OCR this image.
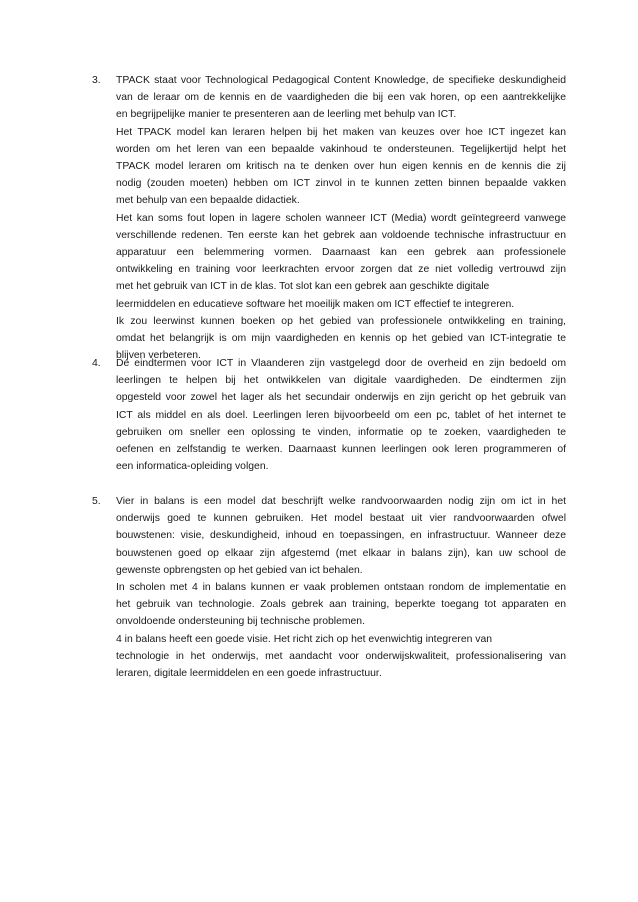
3. TPACK staat voor Technological Pedagogical Content Knowledge, de specifieke deskundigheid
van de leraar om de kennis en de vaardigheden die bij een vak horen, op een aantrekkelijke
en begrijpelijke manier te presenteren aan de leerling met behulp van ICT.
Het TPACK model kan leraren helpen bij het maken van keuzes over hoe ICT ingezet kan
worden om het leren van een bepaalde vakinhoud te ondersteunen. Tegelijkertijd helpt het
TPACK model leraren om kritisch na te denken over hun eigen kennis en de kennis die zij
nodig (zouden moeten) hebben om ICT zinvol in te kunnen zetten binnen bepaalde vakken
met behulp van een bepaalde didactiek.
Het kan soms fout lopen in lagere scholen wanneer ICT (Media) wordt geïntegreerd vanwege
verschillende redenen. Ten eerste kan het gebrek aan voldoende technische infrastructuur en
apparatuur een belemmering vormen. Daarnaast kan een gebrek aan professionele
ontwikkeling en training voor leerkrachten ervoor zorgen dat ze niet volledig vertrouwd zijn
met het gebruik van ICT in de klas. Tot slot kan een gebrek aan geschikte digitale
leermiddelen en educatieve software het moeilijk maken om ICT effectief te integreren.
Ik zou leerwinst kunnen boeken op het gebied van professionele ontwikkeling en training,
omdat het belangrijk is om mijn vaardigheden en kennis op het gebied van ICT-integratie te
blijven verbeteren.
4. De eindtermen voor ICT in Vlaanderen zijn vastgelegd door de overheid en zijn bedoeld om
leerlingen te helpen bij het ontwikkelen van digitale vaardigheden. De eindtermen zijn
opgesteld voor zowel het lager als het secundair onderwijs en zijn gericht op het gebruik van
ICT als middel en als doel. Leerlingen leren bijvoorbeeld om een pc, tablet of het internet te
gebruiken om sneller een oplossing te vinden, informatie op te zoeken, vaardigheden te
oefenen en zelfstandig te werken. Daarnaast kunnen leerlingen ook leren programmeren of
een informatica-opleiding volgen.
5. Vier in balans is een model dat beschrijft welke randvoorwaarden nodig zijn om ict in het
onderwijs goed te kunnen gebruiken. Het model bestaat uit vier randvoorwaarden ofwel
bouwstenen: visie, deskundigheid, inhoud en toepassingen, en infrastructuur. Wanneer deze
bouwstenen goed op elkaar zijn afgestemd (met elkaar in balans zijn), kan uw school de
gewenste opbrengsten op het gebied van ict behalen.
In scholen met 4 in balans kunnen er vaak problemen ontstaan rondom de implementatie en
het gebruik van technologie. Zoals gebrek aan training, beperkte toegang tot apparaten en
onvoldoende ondersteuning bij technische problemen.
4 in balans heeft een goede visie. Het richt zich op het evenwichtig integreren van
technologie in het onderwijs, met aandacht voor onderwijskwaliteit, professionalisering van
leraren, digitale leermiddelen en een goede infrastructuur.
